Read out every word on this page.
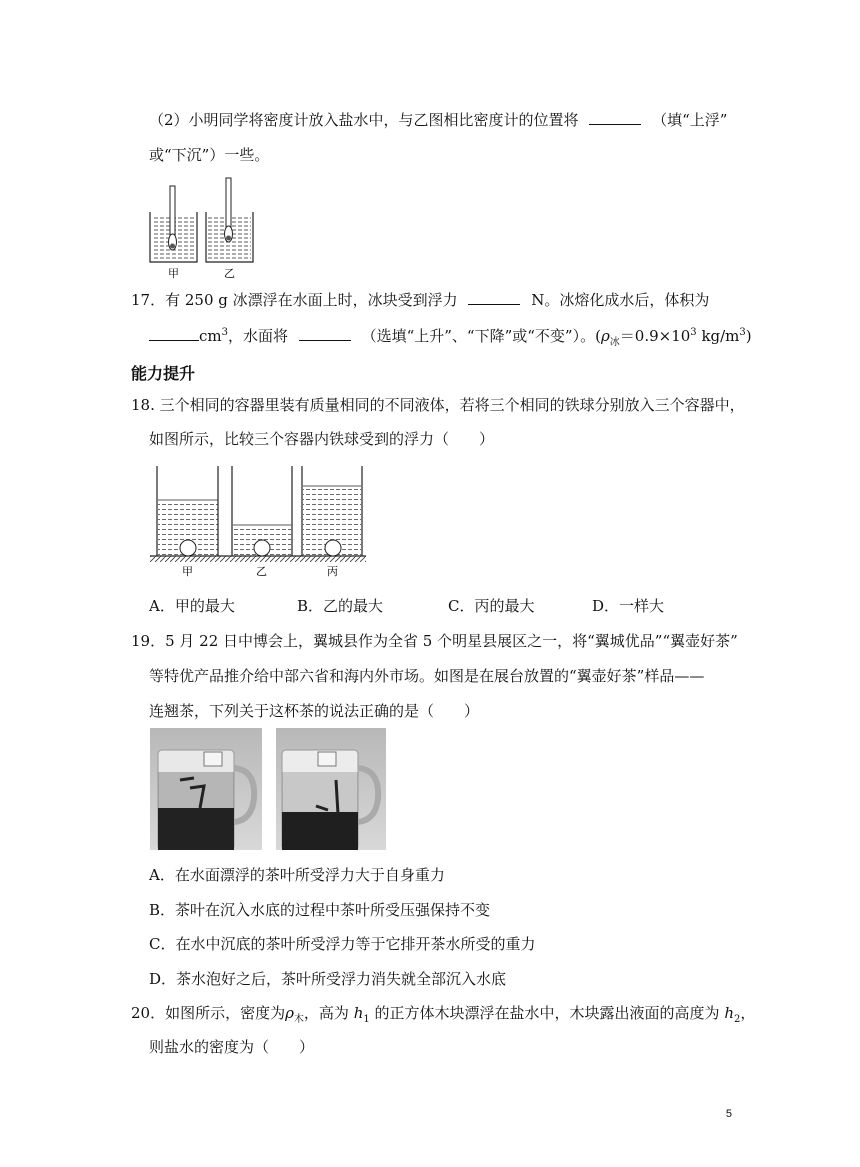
（2）小明同学将密度计放入盐水中，与乙图相比密度计的位置将	（填“上浮”
或“下沉”）一些。
甲	乙
17．有 250 g 冰漂浮在水面上时，冰块受到浮力	N。冰熔化成水后，体积为
$cm^3$，水面将	（选填“上升”、“下降”或“不变”）。($\rho_冰=0.9\times 10^3$ $kg/m^3$)
能力提升
18. 三个相同的容器里装有质量相同的不同液体，若将三个相同的铁球分别放入三个容器中，
如图所示，比较三个容器内铁球受到的浮力（　　）
甲	乙	丙
A．甲的最大	B．乙的最大	C．丙的最大	D．一样大
19．5 月 22 日中博会上，翼城县作为全省 5 个明星县展区之一，将“翼城优品”“翼壶好茶”
等特优产品推介给中部六省和海内外市场。如图是在展台放置的“翼壶好茶”样品——
连翘茶，下列关于这杯茶的说法正确的是（　　）
A．在水面漂浮的茶叶所受浮力大于自身重力
B．茶叶在沉入水底的过程中茶叶所受压强保持不变
C．在水中沉底的茶叶所受浮力等于它排开茶水所受的重力
D．茶水泡好之后，茶叶所受浮力消失就全部沉入水底
20．如图所示，密度为$\rho_木$，高为 $h_1$ 的正方体木块漂浮在盐水中，木块露出液面的高度为 $h_2$，
则盐水的密度为（　　）
5
